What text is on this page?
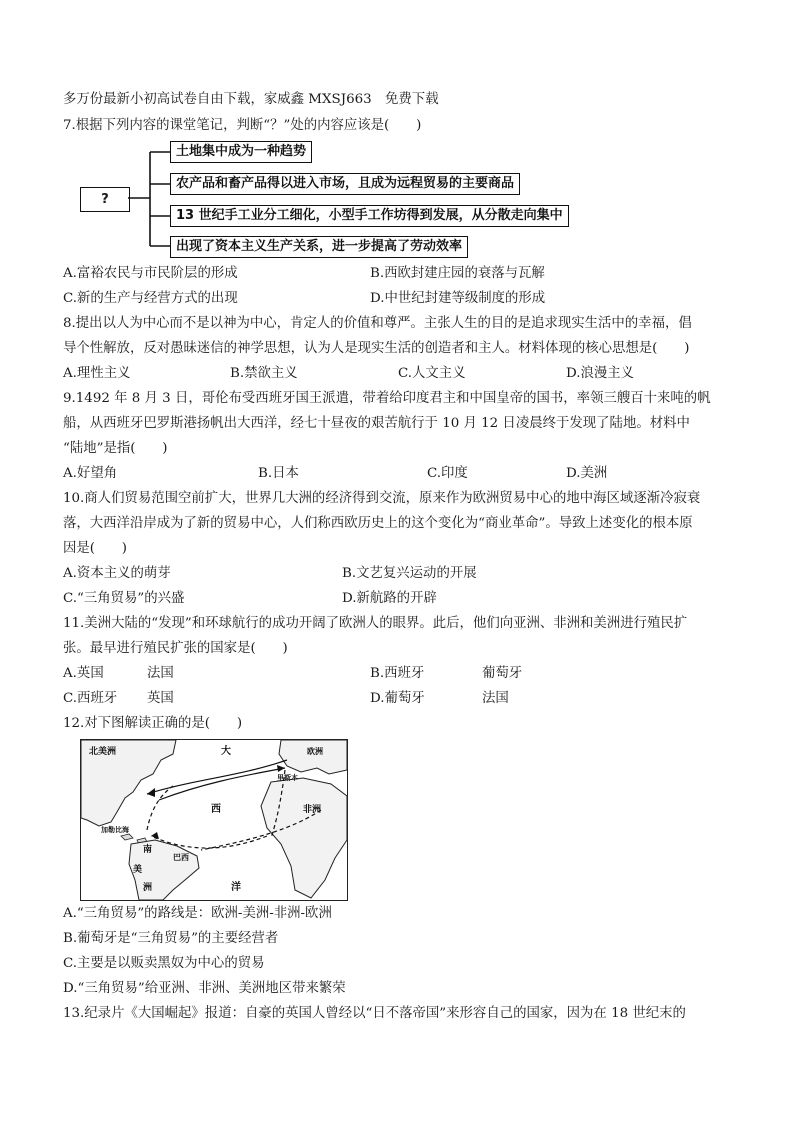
多万份最新小初高试卷自由下载，家威鑫 MXSJ663　免费下载
7.根据下列内容的课堂笔记，判断“？”处的内容应该是(　　)
?
土地集中成为一种趋势
农产品和畜产品得以进入市场，且成为远程贸易的主要商品
13 世纪手工业分工细化，小型手工作坊得到发展，从分散走向集中
出现了资本主义生产关系，进一步提高了劳动效率
A.富裕农民与市民阶层的形成	B.西欧封建庄园的衰落与瓦解
C.新的生产与经营方式的出现	D.中世纪封建等级制度的形成
8.提出以人为中心而不是以神为中心，肯定人的价值和尊严。主张人生的目的是追求现实生活中的幸福，倡
导个性解放，反对愚昧迷信的神学思想，认为人是现实生活的创造者和主人。材料体现的核心思想是(　　)
A.理性主义	B.禁欲主义	C.人文主义	D.浪漫主义
9.1492 年 8 月 3 日，哥伦布受西班牙国王派遣，带着给印度君主和中国皇帝的国书，率领三艘百十来吨的帆
船，从西班牙巴罗斯港扬帆出大西洋，经七十昼夜的艰苦航行于 10 月 12 日凌晨终于发现了陆地。材料中
“陆地”是指(　　)
A.好望角	B.日本	C.印度	D.美洲
10.商人们贸易范围空前扩大，世界几大洲的经济得到交流，原来作为欧洲贸易中心的地中海区域逐渐冷寂衰
落，大西洋沿岸成为了新的贸易中心，人们称西欧历史上的这个变化为“商业革命”。导致上述变化的根本原
因是(　　)
A.资本主义的萌芽	B.文艺复兴运动的开展
C.“三角贸易”的兴盛	D.新航路的开辟
11.美洲大陆的“发现”和环球航行的成功开阔了欧洲人的眼界。此后，他们向亚洲、非洲和美洲进行殖民扩
张。最早进行殖民扩张的国家是(　　)
A.英国	法国	B.西班牙	葡萄牙
C.西班牙 英国	D.葡萄牙	法国
12.对下图解读正确的是(　　)
北美洲	大	欧洲
西	非洲
南
美
巴西
洋
洲
里斯本
加勒比海
A.“三角贸易”的路线是：欧洲-美洲-非洲-欧洲
B.葡萄牙是“三角贸易”的主要经营者
C.主要是以贩卖黑奴为中心的贸易
D.“三角贸易”给亚洲、非洲、美洲地区带来繁荣
13.纪录片《大国崛起》报道：自豪的英国人曾经以“日不落帝国”来形容自己的国家，因为在 18 世纪末的
